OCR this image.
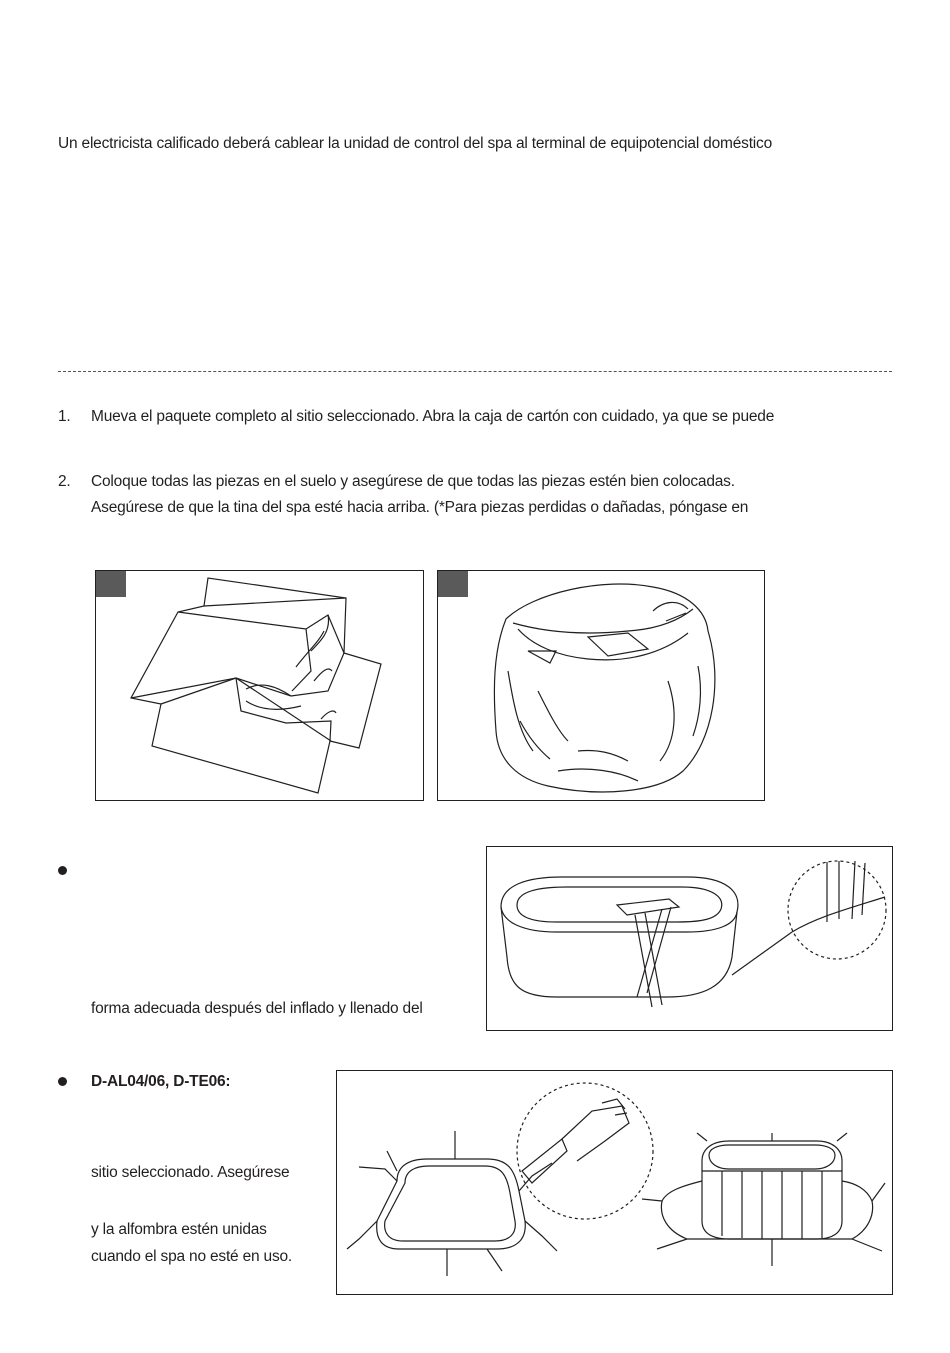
Un electricista calificado deberá cablear la unidad de control del spa al terminal de equipotencial doméstico
1. Mueva el paquete completo al sitio seleccionado. Abra la caja de cartón con cuidado, ya que se puede
2. Coloque todas las piezas en el suelo y asegúrese de que todas las piezas estén bien colocadas.
Asegúrese de que la tina del spa esté hacia arriba. (*Para piezas perdidas o dañadas, póngase en
forma adecuada después del inflado y llenado del
D-AL04/06, D-TE06:
sitio seleccionado. Asegúrese
y la alfombra estén unidas
cuando el spa no esté en uso.
